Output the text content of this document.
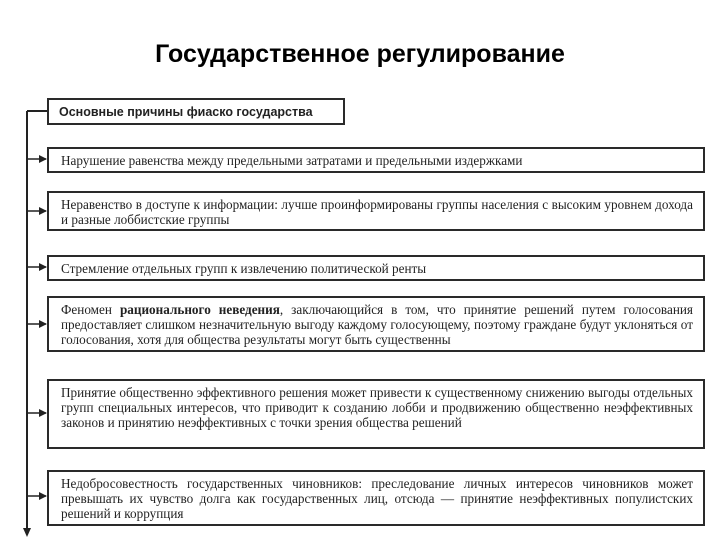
Государственное регулирование
Основные причины фиаско государства
Нарушение равенства между предельными затратами и предельными издержками
Неравенство в доступе к информации: лучше проинформированы группы населения с высоким уровнем дохода и разные лоббистские группы
Стремление отдельных групп к извлечению политической ренты
Феномен рационального неведения, заключающийся в том, что принятие решений путем голосования предоставляет слишком незначительную выгоду каждому голосующему, поэтому граждане будут уклоняться от голосования, хотя для общества результаты могут быть существенны
Принятие общественно эффективного решения может привести к существенному снижению выгоды отдельных групп специальных интересов, что приводит к созданию лобби и продвижению общественно неэффективных законов и принятию неэффективных с точки зрения общества решений
Недобросовестность государственных чиновников: преследование личных интересов чиновников может превышать их чувство долга как государственных лиц, отсюда — принятие неэффективных популистских решений и коррупция
